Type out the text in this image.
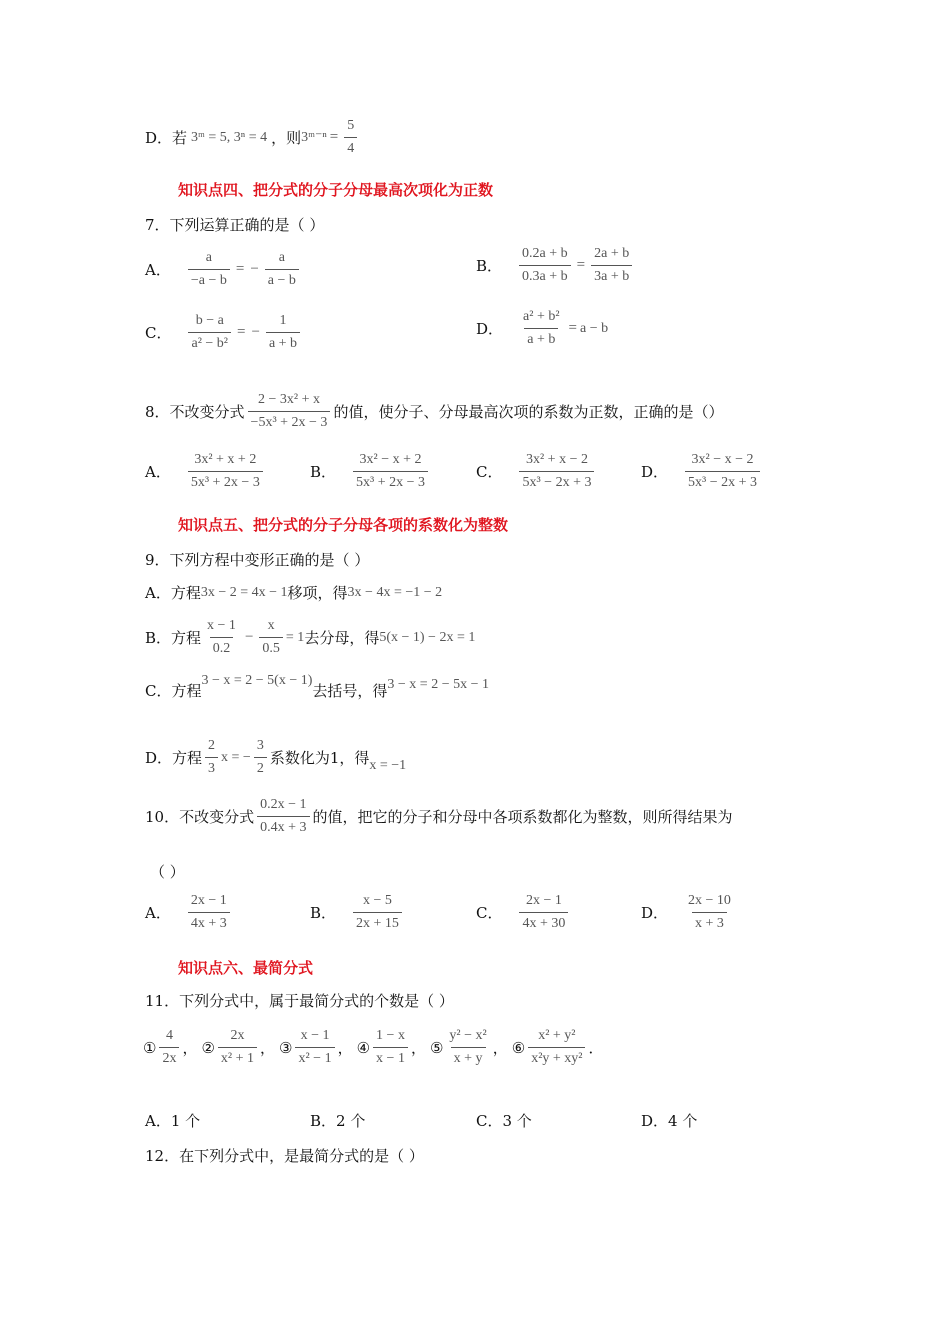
D． 若 3ᵐ = 5, 3ⁿ = 4 ，则 3ᵐ⁻ⁿ = $\frac{5}{4}$
知识点四、把分式的分子分母最高次项化为正数
7．下列运算正确的是（ ）
A． $\frac{a}{-a - b}$ = − $\frac{a}{a - b}$	B． $\frac{0.2a + b}{0.3a + b} = \frac{2a + b}{3a + b}$
C． $\frac{b - a}{\text{a² − b²}}$ = − $\frac{1}{a + b}$	D． $\frac{\text{a² + b²}}{a + b} = a - b$
8．不改变分式 $\frac{\text{2 − 3x² + x}}{\text{−5x³ + 2x − 3}}$ 的值，使分子、分母最高次项的系数为正数，正确的是（）
A． $\frac{\text{3x² + x + 2}}{\text{5x³ + 2x − 3}}$	B． $\frac{\text{3x² − x + 2}}{\text{5x³ + 2x − 3}}$	C． $\frac{\text{3x² + x − 2}}{\text{5x³ − 2x + 3}}$	D． $\frac{\text{3x² − x − 2}}{\text{5x³ − 2x + 3}}$
知识点五、把分式的分子分母各项的系数化为整数
9．下列方程中变形正确的是（ ）
A．方程 3x − 2 = 4x − 1 移项，得 3x − 4x = −1 − 2
B．方程 $\frac{x - 1}{0.2} - \frac{x}{0.5} = 1$ 去分母，得 5(x − 1) − 2x = 1
C．方程
3 − x = 2 − 5(x − 1)
去括号，得 3 − x = 2 − 5x − 1
D．方程 $\frac{2}{3}$ x = − $\frac{3}{2}$ 系数化为1，得 x = −1
10．不改变分式 $\frac{0.2x - 1}{0.4x + 3}$ 的值，把它的分子和分母中各项系数都化为整数，则所得结果为
（ ）
A． $\frac{2x - 1}{4x + 3}$	B． $\frac{x - 5}{2x + 15}$	C． $\frac{2x - 1}{4x + 30}$	D． $\frac{2x - 10}{x + 3}$
知识点六、最简分式
11．下列分式中，属于最简分式的个数是（ ）
① $\frac{4}{2x}$ ， ② $\frac{2x}{\text{x² + 1}}$ ， ③ $\frac{x - 1}{\text{x² − 1}}$ ， ④ $\frac{1 - x}{x - 1}$ ， ⑤ $\frac{\text{y² − x²}}{x + y}$ ， ⑥ $\frac{\text{x² + y²}}{\text{x²y + xy²}}$ ．
A．1 个	B．2 个	C．3 个	D．4 个
12．在下列分式中，是最简分式的是（ ）
